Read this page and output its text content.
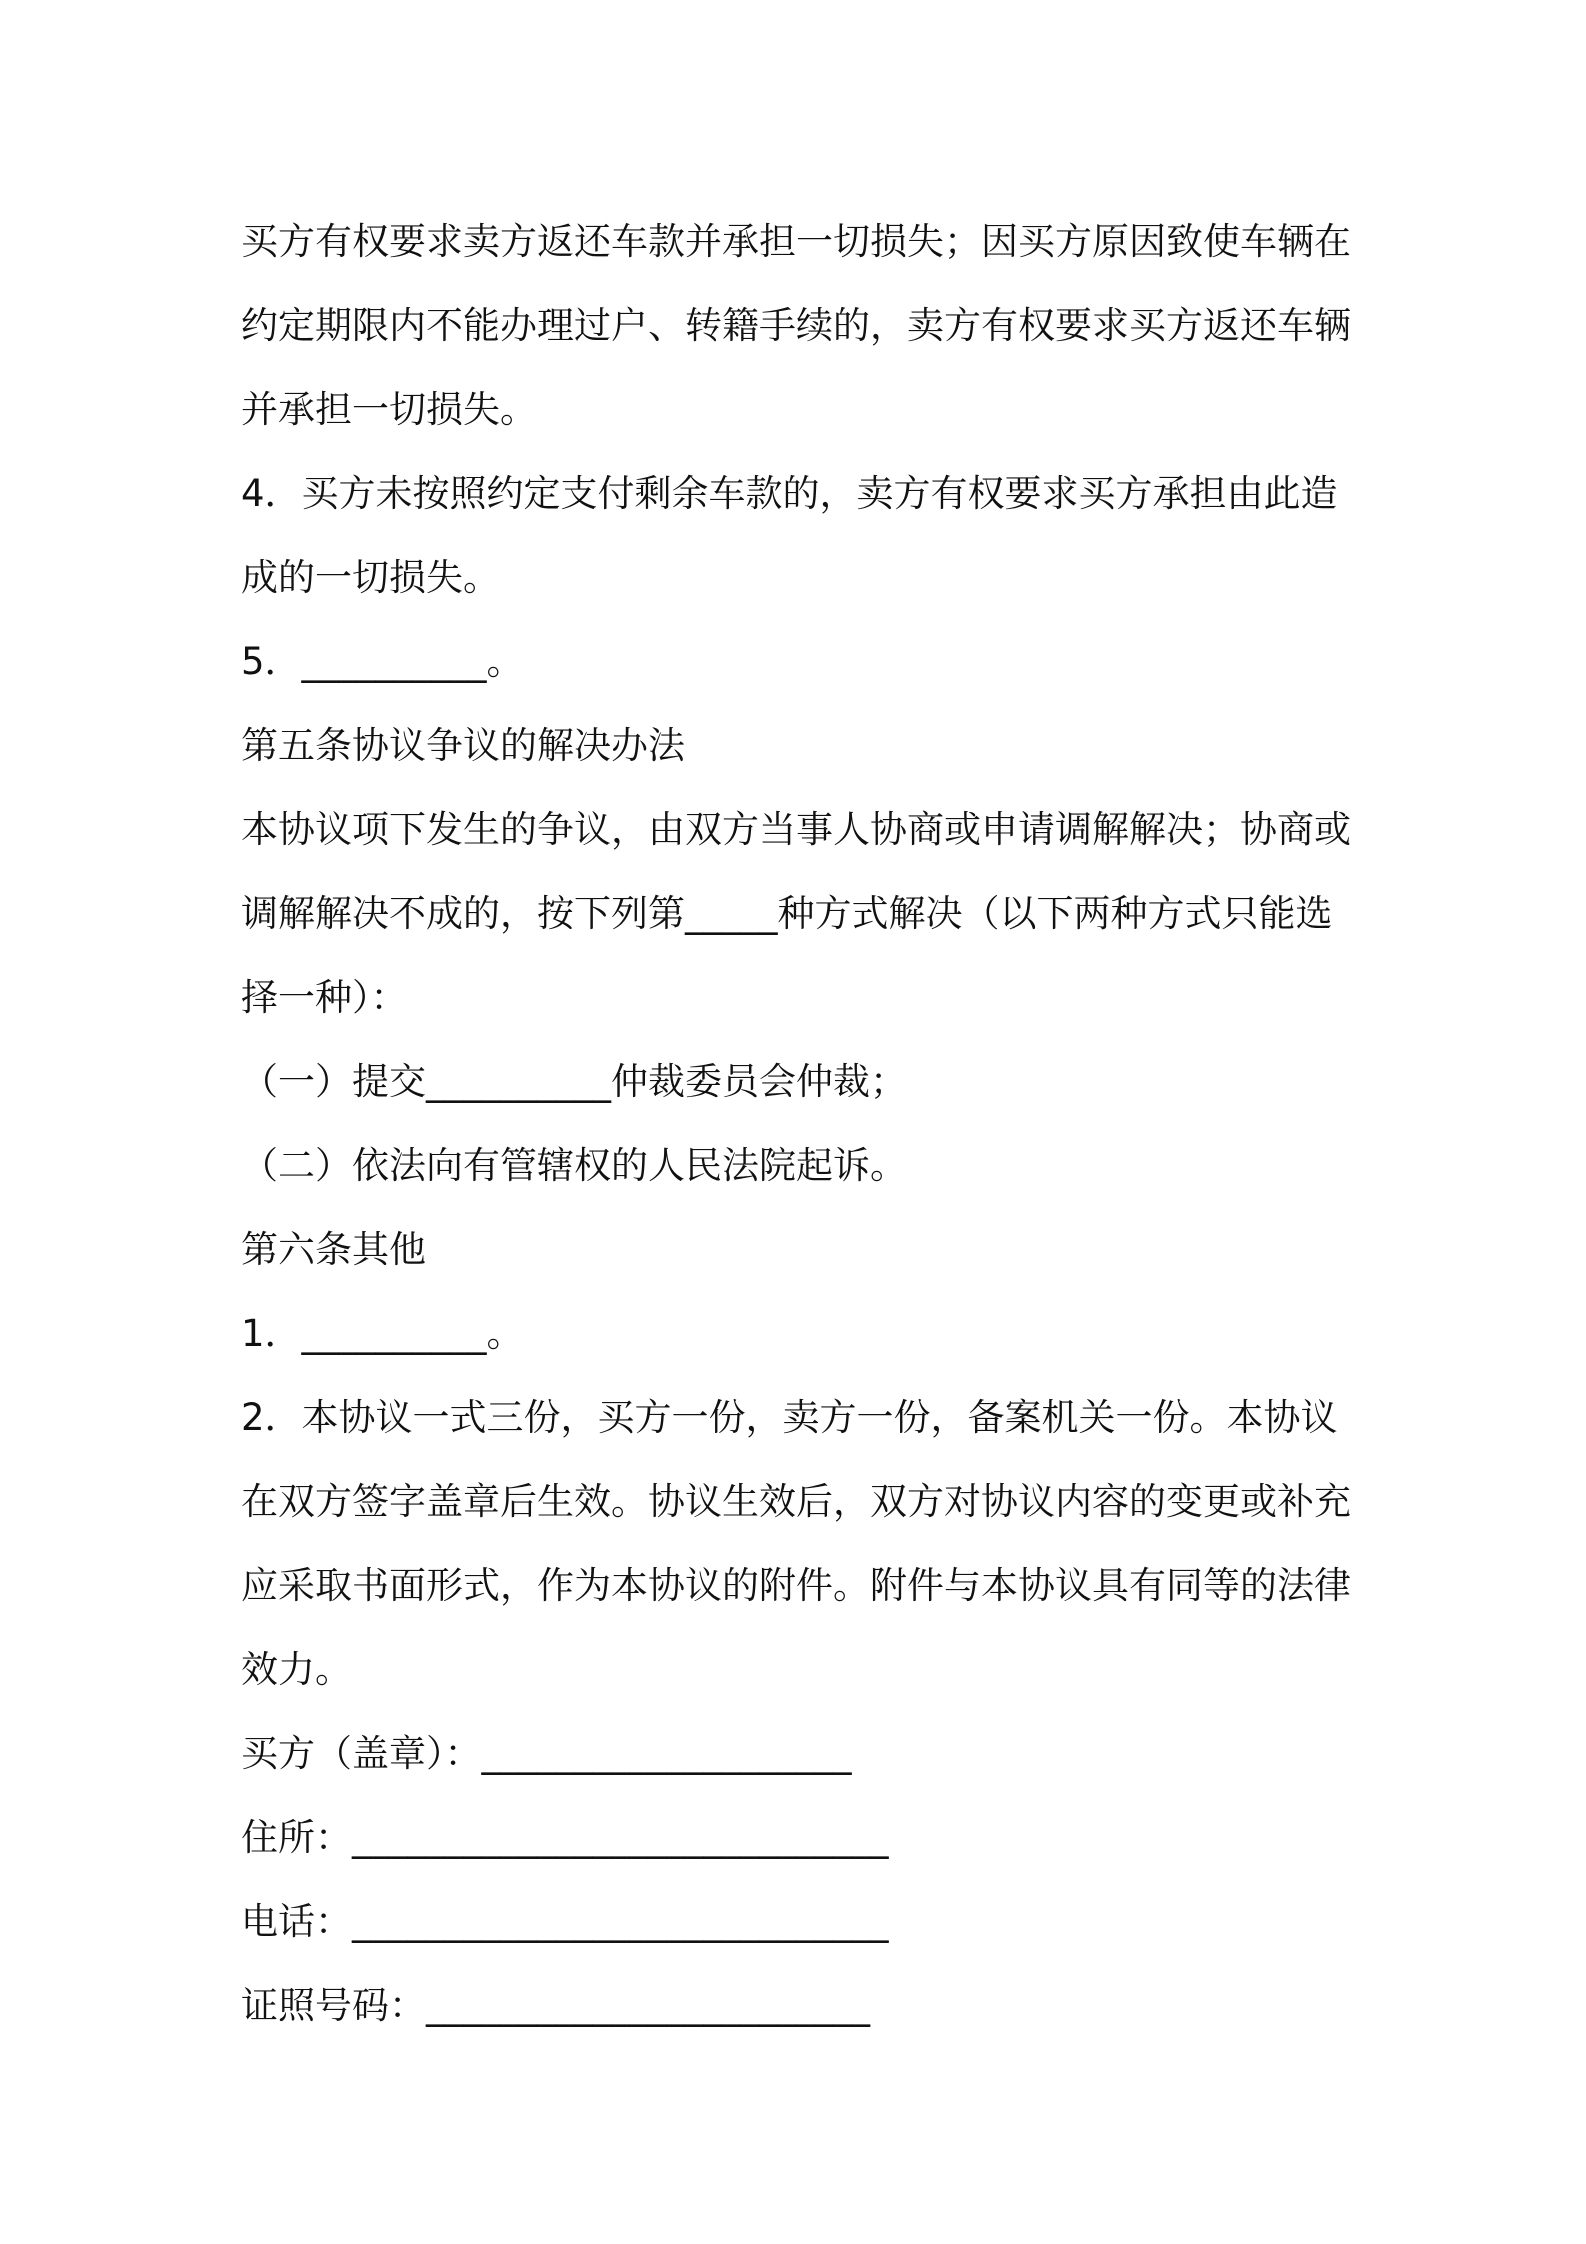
买方有权要求卖方返还车款并承担一切损失；因买方原因致使车辆在
约定期限内不能办理过户、转籍手续的，卖方有权要求买方返还车辆
并承担一切损失。
4．买方未按照约定支付剩余车款的，卖方有权要求买方承担由此造
成的一切损失。
5．__________。
第五条协议争议的解决办法
本协议项下发生的争议，由双方当事人协商或申请调解解决；协商或
调解解决不成的，按下列第_____种方式解决（以下两种方式只能选
择一种）：
（一）提交__________仲裁委员会仲裁；
（二）依法向有管辖权的人民法院起诉。
第六条其他
1．__________。
2．本协议一式三份，买方一份，卖方一份，备案机关一份。本协议
在双方签字盖章后生效。协议生效后，双方对协议内容的变更或补充
应采取书面形式，作为本协议的附件。附件与本协议具有同等的法律
效力。
买方（盖章）：____________________
住所：_____________________________
电话：_____________________________
证照号码：________________________
